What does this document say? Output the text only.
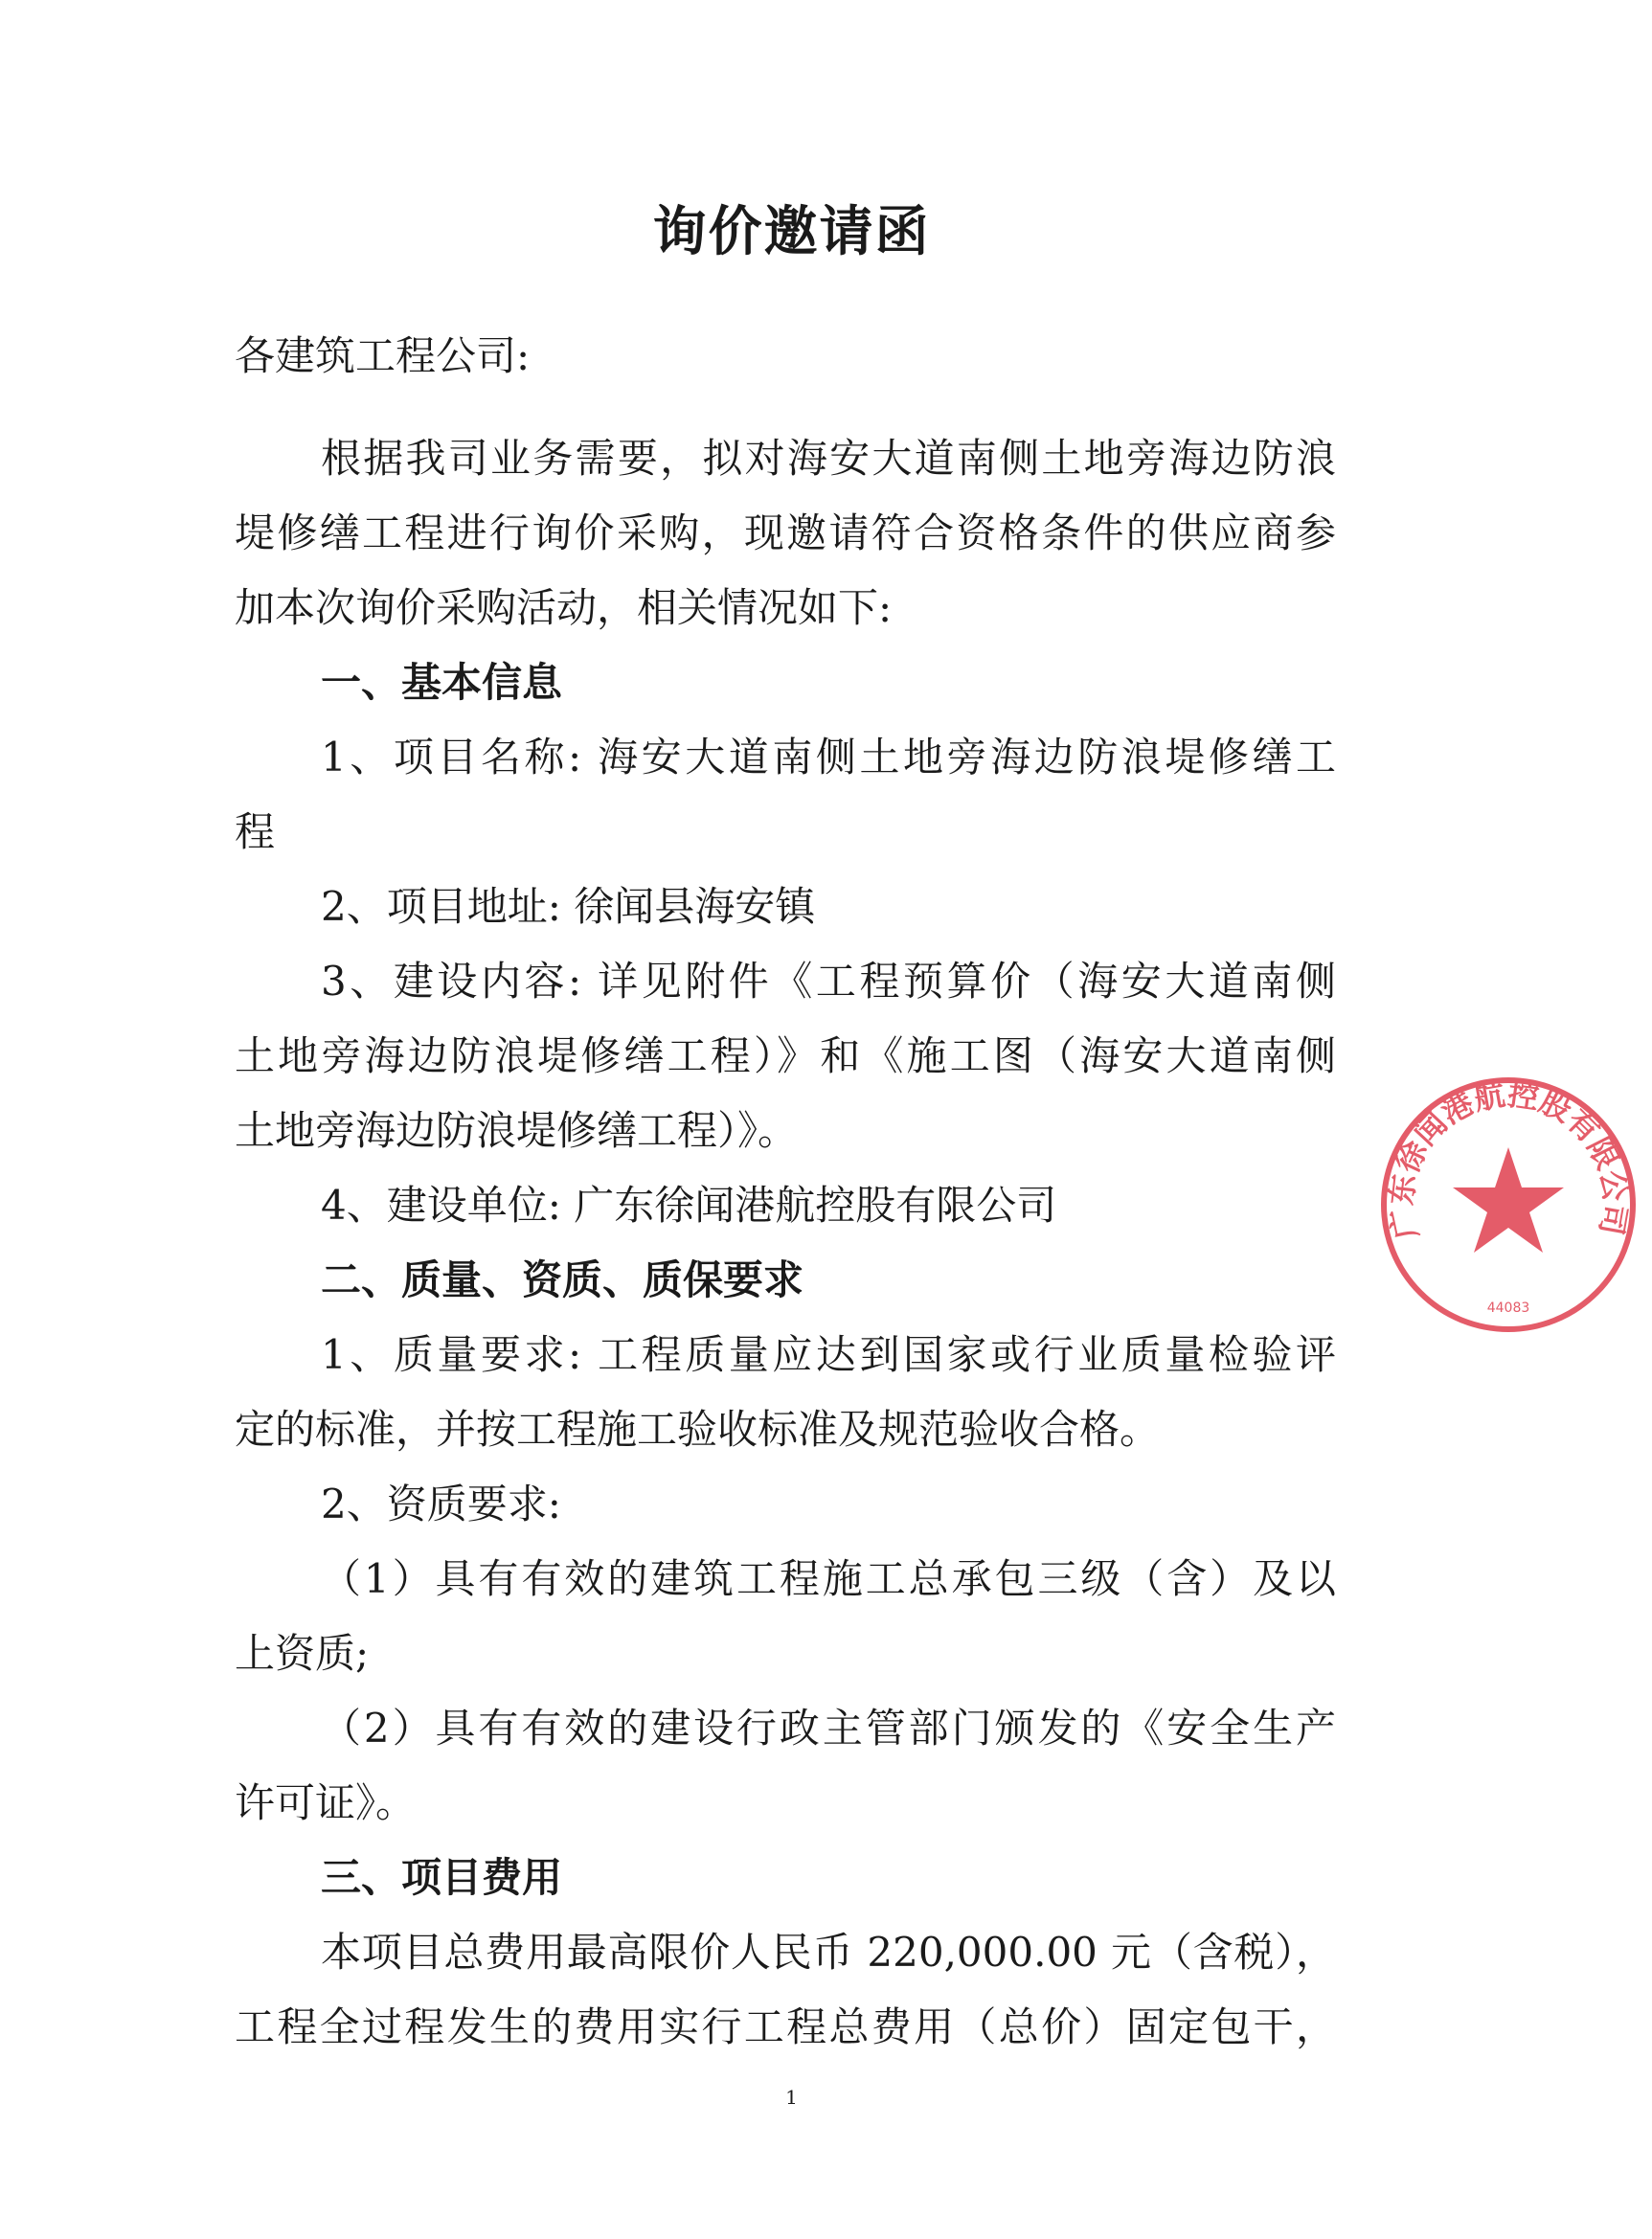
询价邀请函

各建筑工程公司:

根据我司业务需要，拟对海安大道南侧土地旁海边防浪

堤修缮工程进行询价采购，现邀请符合资格条件的供应商参

加本次询价采购活动，相关情况如下:

一、基本信息

1、项目名称: 海安大道南侧土地旁海边防浪堤修缮工

程

2、项目地址: 徐闻县海安镇

3、建设内容: 详见附件《工程预算价（海安大道南侧

土地旁海边防浪堤修缮工程）》和《施工图（海安大道南侧

土地旁海边防浪堤修缮工程）》。

4、建设单位: 广东徐闻港航控股有限公司

二、质量、资质、质保要求

1、质量要求: 工程质量应达到国家或行业质量检验评

定的标准，并按工程施工验收标准及规范验收合格。

2、资质要求:

（1）具有有效的建筑工程施工总承包三级（含）及以

上资质;

（2）具有有效的建设行政主管部门颁发的《安全生产

许可证》。

三、项目费用

本项目总费用最高限价人民币 220,000.00 元（含税），

工程全过程发生的费用实行工程总费用（总价）固定包干，

1
广东徐闻港航控股有限公司
44083
